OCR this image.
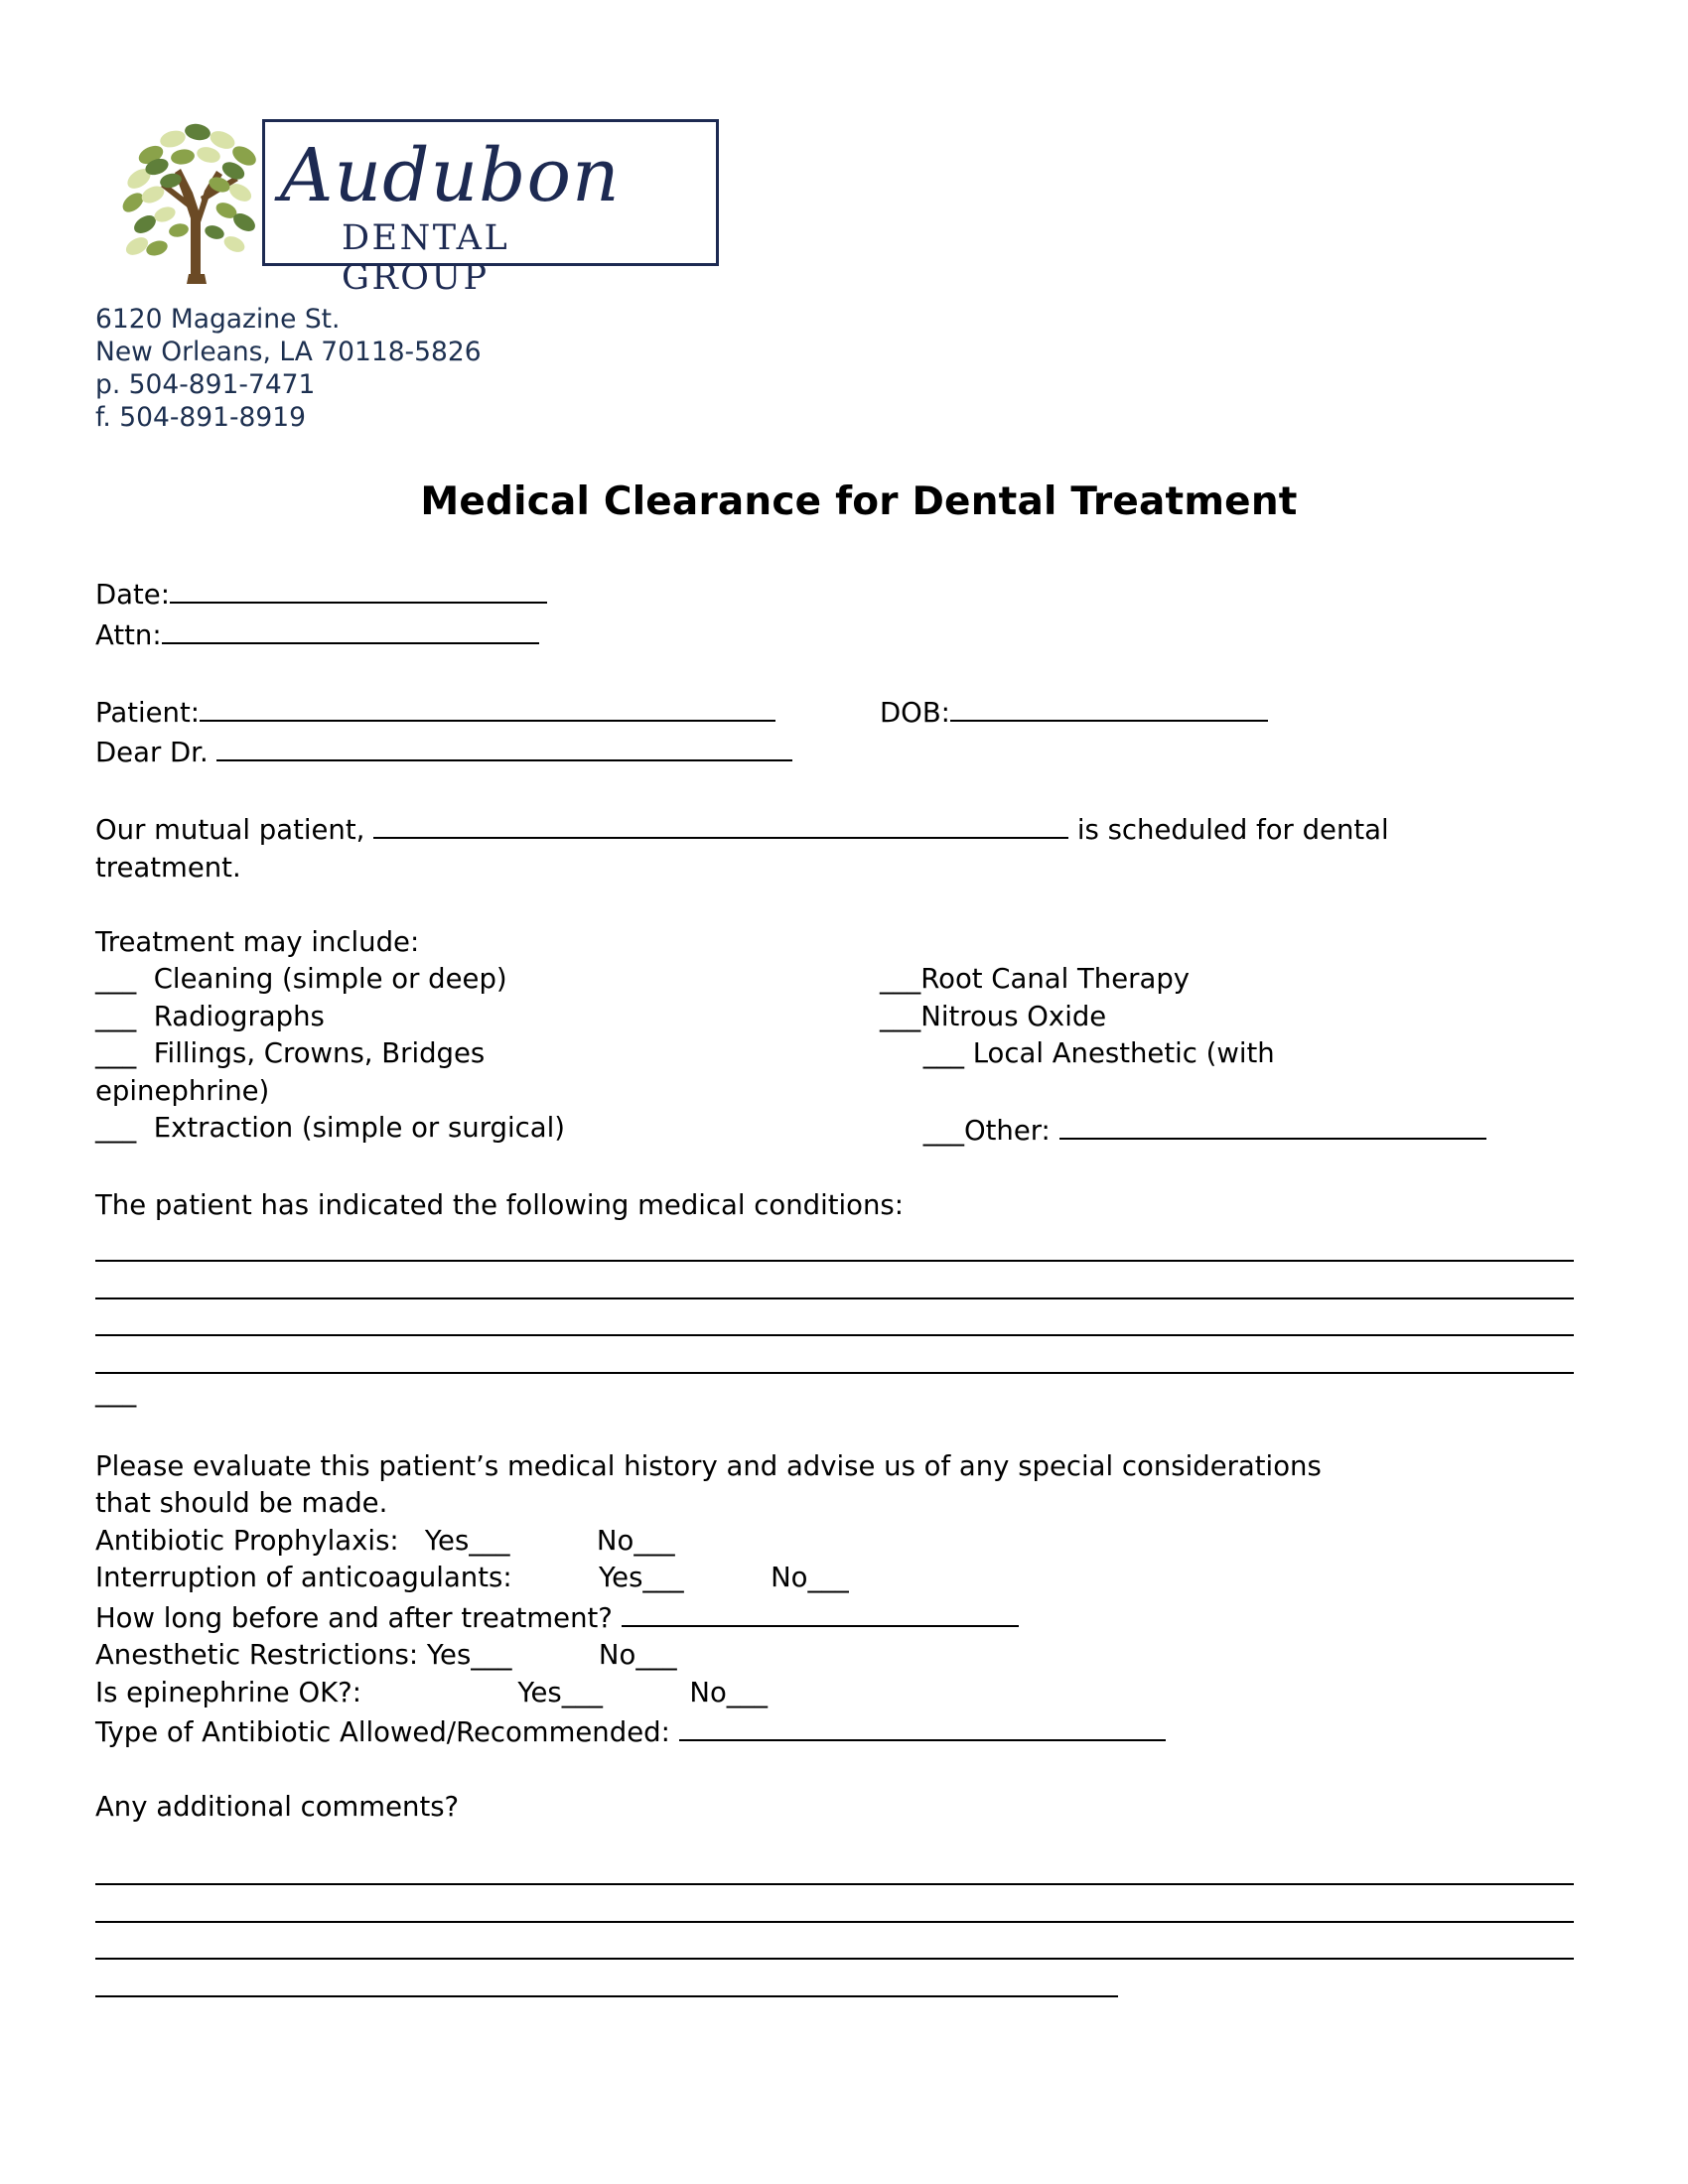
Audubon
DENTAL GROUP
6120 Magazine St.
New Orleans, LA 70118-5826
p. 504-891-7471
f. 504-891-8919
Medical Clearance for Dental Treatment
Date:
Attn:
Patient:	DOB:
Dear Dr.
Our mutual patient,	is scheduled for dental
treatment.
Treatment may include:
___  Cleaning (simple or deep)	___Root Canal Therapy
___  Radiographs	___Nitrous Oxide
___  Fillings, Crowns, Bridges	___ Local Anesthetic (with
epinephrine)
___  Extraction (simple or surgical)	___Other:
The patient has indicated the following medical conditions:
___
Please evaluate this patient’s medical history and advise us of any special considerations
that should be made.
Antibiotic Prophylaxis:   Yes___          No___
Interruption of anticoagulants:          Yes___          No___
How long before and after treatment?
Anesthetic Restrictions: Yes___          No___
Is epinephrine OK?:                  Yes___          No___
Type of Antibiotic Allowed/Recommended:
Any additional comments?
